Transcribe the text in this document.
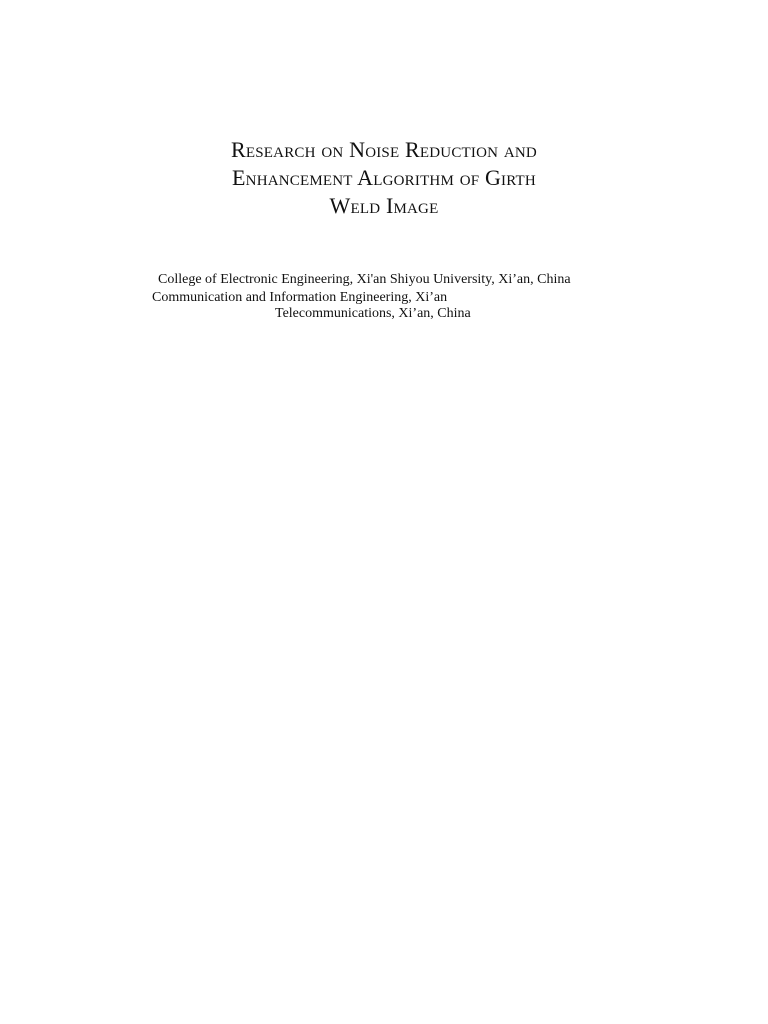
Research on Noise Reduction and

Enhancement Algorithm of Girth

Weld Image

College of Electronic Engineering, Xi'an Shiyou University, Xi’an, China
Communication and Information Engineering, Xi’an
Telecommunications, Xi’an, China
